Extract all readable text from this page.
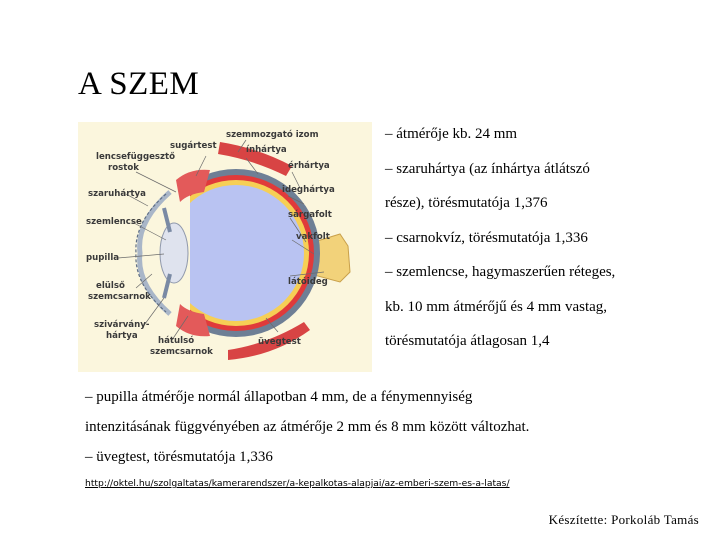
A SZEM
sugártest
szemmozgató izom
ínhártya
lencsefüggesztő
rostok	érhártya
ideghártya
szaruhártya
sárgafolt
szemlencse
vakfolt
pupilla
látóideg
elülső
szemcsarnok
szivárvány-
hártya hátulsó
szemcsarnok
üvegtest
– átmérője kb. 24 mm
– szaruhártya (az ínhártya átlátszó
része), törésmutatója 1,376
– csarnokvíz, törésmutatója 1,336
– szemlencse, hagymaszerűen réteges,
kb. 10 mm átmérőjű és 4 mm vastag,
törésmutatója átlagosan 1,4
– pupilla átmérője normál állapotban 4 mm, de a fénymennyiség
intenzitásának függvényében az átmérője 2 mm és 8 mm között változhat.
– üvegtest, törésmutatója 1,336
http://oktel.hu/szolgaltatas/kamerarendszer/a-kepalkotas-alapjai/az-emberi-szem-es-a-latas/
Készítette: Porkoláb Tamás
